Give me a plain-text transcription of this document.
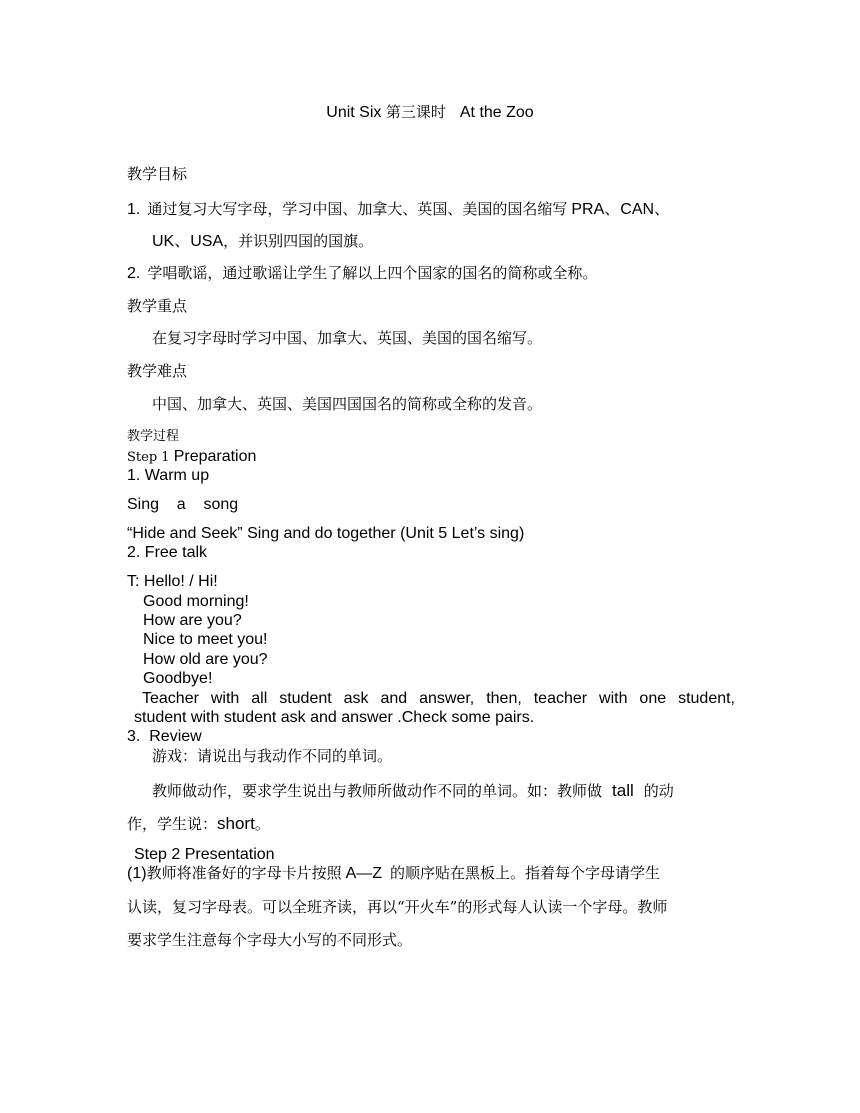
Unit Six 第三课时 At the Zoo
教学目标
1. 通过复习大写字母，学习中国、加拿大、英国、美国的国名缩写 PRA、CAN、
UK、USA，并识别四国的国旗。
2. 学唱歌谣，通过歌谣让学生了解以上四个国家的国名的简称或全称。
教学重点
在复习字母时学习中国、加拿大、英国、美国的国名缩写。
教学难点
中国、加拿大、英国、美国四国国名的简称或全称的发音。
教学过程
Step 1 Preparation
1. Warm up
Sing    a    song
“Hide and Seek” Sing and do together (Unit 5 Let’s sing)
2. Free talk
T: Hello! / Hi!
Good morning!
How are you?
Nice to meet you!
How old are you?
Goodbye!
Teacher with all student ask and answer, then, teacher with one student,
student with student ask and answer .Check some pairs.
3.  Review
游戏：请说出与我动作不同的单词。
教师做动作，要求学生说出与教师所做动作不同的单词。如：教师做 tall 的动
作，学生说：short。
Step 2 Presentation
(1)教师将准备好的字母卡片按照 A—Z 的顺序贴在黑板上。指着每个字母请学生
认读，复习字母表。可以全班齐读，再以“开火车”的形式每人认读一个字母。教师
要求学生注意每个字母大小写的不同形式。
